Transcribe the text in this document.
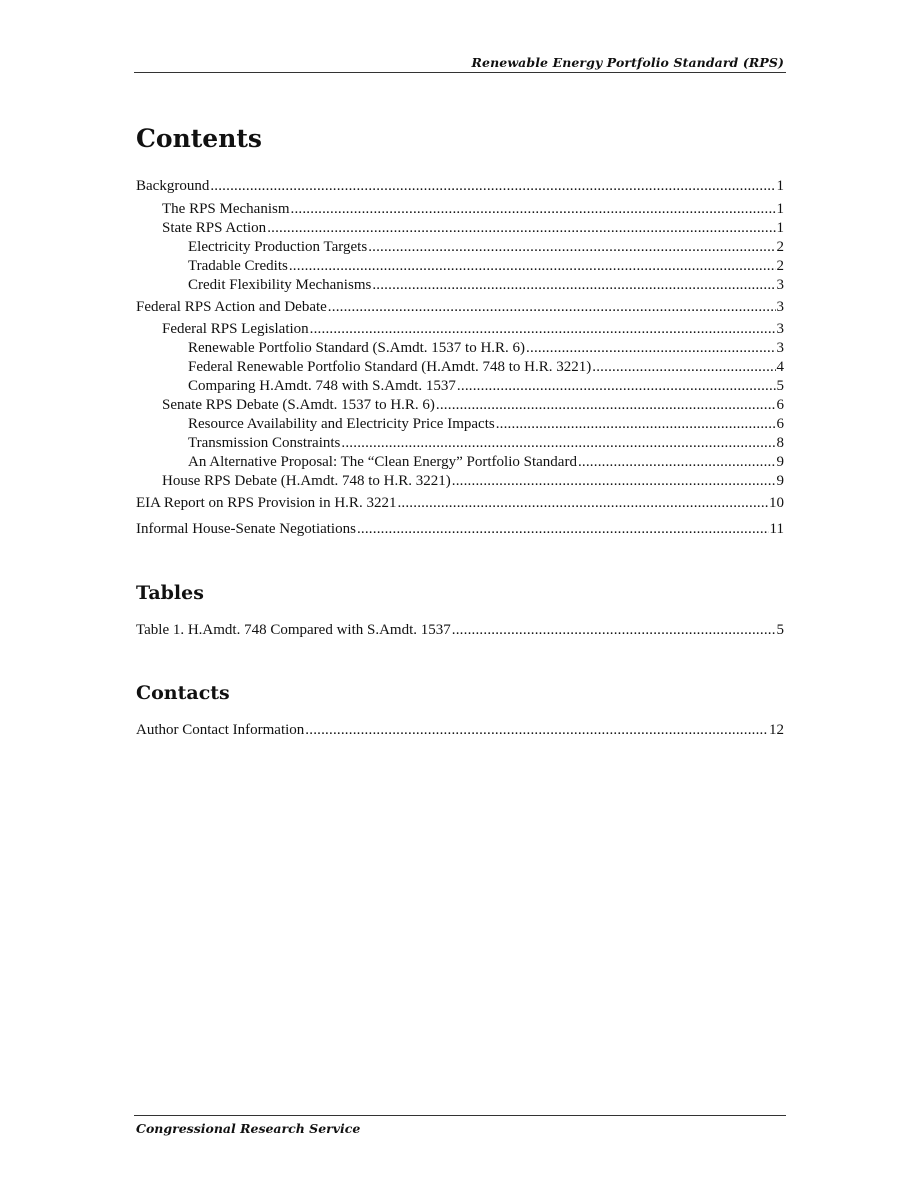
Renewable Energy Portfolio Standard (RPS)
Contents
Background .....	1
The RPS Mechanism .....	1
State RPS Action .....	1
Electricity Production Targets .....	2
Tradable Credits .....	2
Credit Flexibility Mechanisms .....	3
Federal RPS Action and Debate .....	3
Federal RPS Legislation .....	3
Renewable Portfolio Standard (S.Amdt. 1537 to H.R. 6) .....	3
Federal Renewable Portfolio Standard (H.Amdt. 748 to H.R. 3221) .....	4
Comparing H.Amdt. 748 with S.Amdt. 1537 .....	5
Senate RPS Debate (S.Amdt. 1537 to H.R. 6) .....	6
Resource Availability and Electricity Price Impacts .....	6
Transmission Constraints .....	8
An Alternative Proposal: The “Clean Energy” Portfolio Standard .....	9
House RPS Debate (H.Amdt. 748 to H.R. 3221) .....	9
EIA Report on RPS Provision in H.R. 3221 .....	10
Informal House-Senate Negotiations .....	11
Tables
Table 1. H.Amdt. 748 Compared with S.Amdt. 1537 .....	5
Contacts
Author Contact Information .....	12
Congressional Research Service
